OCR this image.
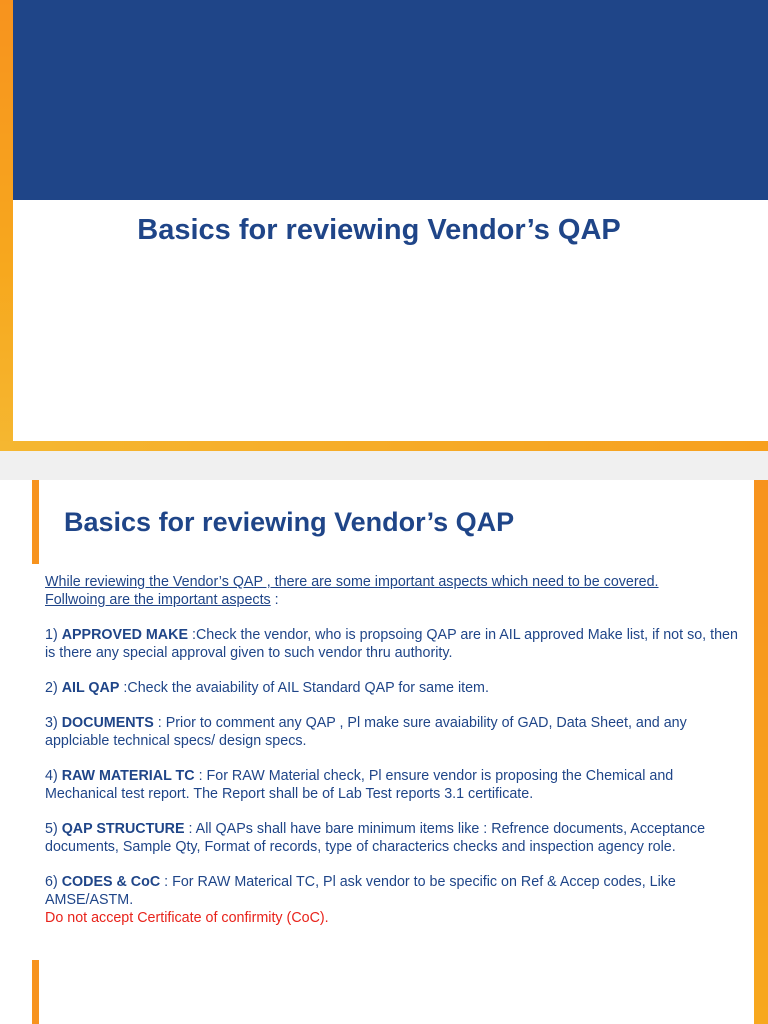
Basics for reviewing Vendor’s QAP
Basics for reviewing Vendor’s QAP

While reviewing the Vendor’s QAP , there are some important aspects which need to be covered.
Follwoing are the important aspects :

1) APPROVED MAKE :Check the vendor, who is propsoing QAP are in AIL approved Make list, if not so, then is there any special approval given to such vendor thru authority.

2) AIL QAP :Check the avaiability of AIL Standard QAP for same item.

3) DOCUMENTS : Prior to comment any QAP , Pl make sure avaiability of GAD, Data Sheet, and any applciable technical specs/ design specs.

4) RAW MATERIAL TC : For RAW Material check, Pl ensure vendor is proposing the Chemical and Mechanical test report. The Report shall be of Lab Test reports 3.1 certificate.

5) QAP STRUCTURE : All QAPs shall have bare minimum items like : Refrence documents, Acceptance documents, Sample Qty, Format of records, type of characterics checks and inspection agency role.

6) CODES & CoC : For RAW Materical TC, Pl ask vendor to be specific on Ref & Accep codes, Like AMSE/ASTM.
Do not accept Certificate of confirmity (CoC).
